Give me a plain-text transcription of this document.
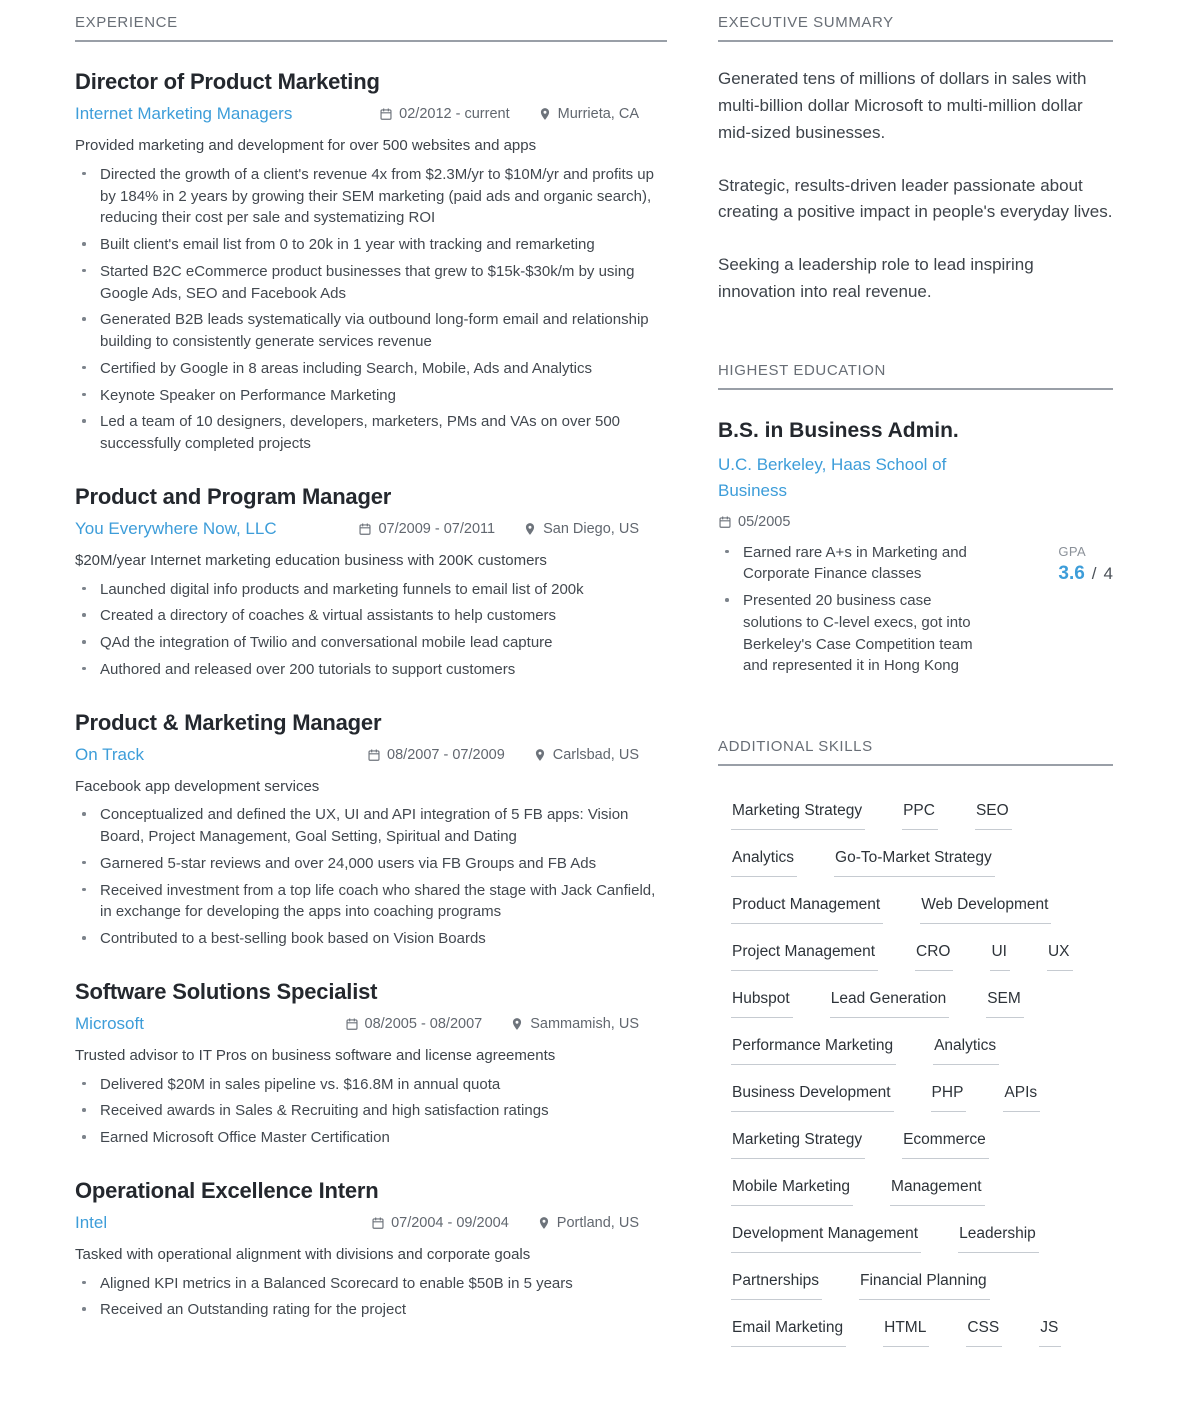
EXPERIENCE
Director of Product Marketing
Internet Marketing Managers	02/2012 - current	Murrieta, CA

Provided marketing and development for over 500 websites and apps

Directed the growth of a client's revenue 4x from $2.3M/yr to $10M/yr and profits up by 184% in 2 years by growing their SEM marketing (paid ads and organic search), reducing their cost per sale and systematizing ROI
Built client's email list from 0 to 20k in 1 year with tracking and remarketing
Started B2C eCommerce product businesses that grew to $15k-$30k/m by using Google Ads, SEO and Facebook Ads
Generated B2B leads systematically via outbound long-form email and relationship building to consistently generate services revenue
Certified by Google in 8 areas including Search, Mobile, Ads and Analytics
Keynote Speaker on Performance Marketing
Led a team of 10 designers, developers, marketers, PMs and VAs on over 500 successfully completed projects
Product and Program Manager
You Everywhere Now, LLC	07/2009 - 07/2011	San Diego, US

$20M/year Internet marketing education business with 200K customers

Launched digital info products and marketing funnels to email list of 200k
Created a directory of coaches & virtual assistants to help customers
QAd the integration of Twilio and conversational mobile lead capture
Authored and released over 200 tutorials to support customers
Product & Marketing Manager
On Track	08/2007 - 07/2009	Carlsbad, US

Facebook app development services

Conceptualized and defined the UX, UI and API integration of 5 FB apps: Vision Board, Project Management, Goal Setting, Spiritual and Dating
Garnered 5-star reviews and over 24,000 users via FB Groups and FB Ads
Received investment from a top life coach who shared the stage with Jack Canfield, in exchange for developing the apps into coaching programs
Contributed to a best-selling book based on Vision Boards
Software Solutions Specialist
Microsoft	08/2005 - 08/2007	Sammamish, US

Trusted advisor to IT Pros on business software and license agreements

Delivered $20M in sales pipeline vs. $16.8M in annual quota
Received awards in Sales & Recruiting and high satisfaction ratings
Earned Microsoft Office Master Certification
Operational Excellence Intern
Intel	07/2004 - 09/2004	Portland, US

Tasked with operational alignment with divisions and corporate goals

Aligned KPI metrics in a Balanced Scorecard to enable $50B in 5 years
Received an Outstanding rating for the project
EXECUTIVE SUMMARY

Generated tens of millions of dollars in sales with multi-billion dollar Microsoft to multi-million dollar mid-sized businesses.

Strategic, results-driven leader passionate about creating a positive impact in people's everyday lives.

Seeking a leadership role to lead inspiring innovation into real revenue.

HIGHEST EDUCATION
B.S. in Business Admin.
U.C. Berkeley, Haas School of Business
05/2005
Earned rare A+s in Marketing and Corporate Finance classes
Presented 20 business case solutions to C-level execs, got into Berkeley's Case Competition team and represented it in Hong Kong
GPA
3.6 / 4
ADDITIONAL SKILLS
Marketing Strategy	PPC	SEO
Analytics	Go-To-Market Strategy
Product Management	Web Development
Project Management	CRO	UI	UX
Hubspot	Lead Generation	SEM
Performance Marketing	Analytics
Business Development	PHP	APIs
Marketing Strategy	Ecommerce
Mobile Marketing	Management
Development Management	Leadership
Partnerships	Financial Planning
Email Marketing	HTML	CSS	JS
